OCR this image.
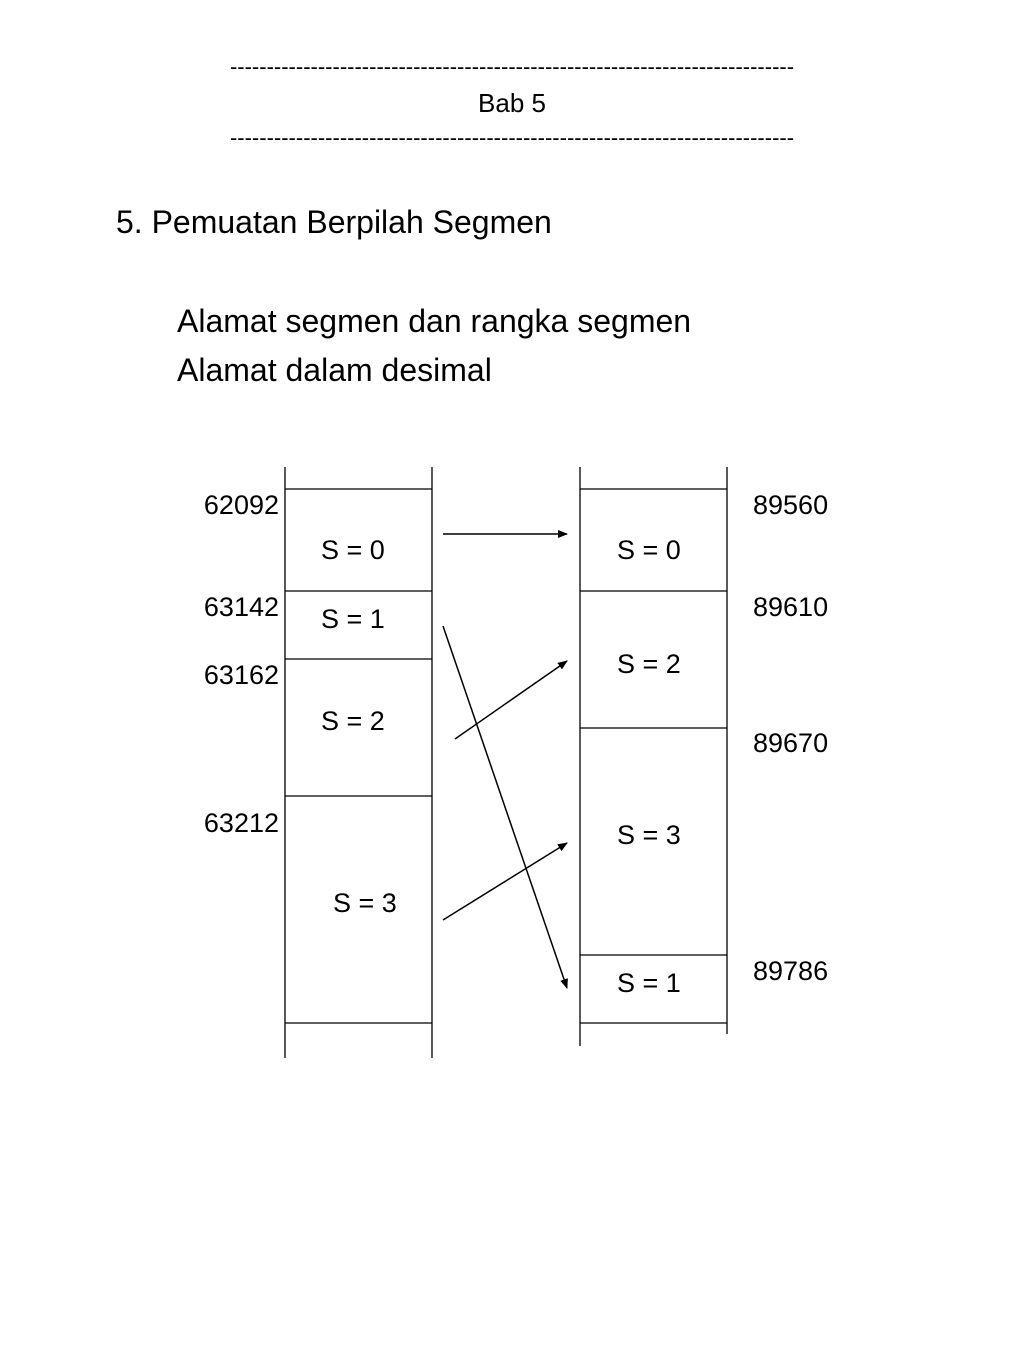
-----------------------------------------------------------------------------
Bab 5
-----------------------------------------------------------------------------
5. Pemuatan Berpilah Segmen
Alamat segmen dan rangka segmen
Alamat dalam desimal
62092
63142
63162
63212
S = 0
S = 1
S = 2
S = 3
S = 0
S = 2
S = 3
S = 1
89560
89610
89670
89786
